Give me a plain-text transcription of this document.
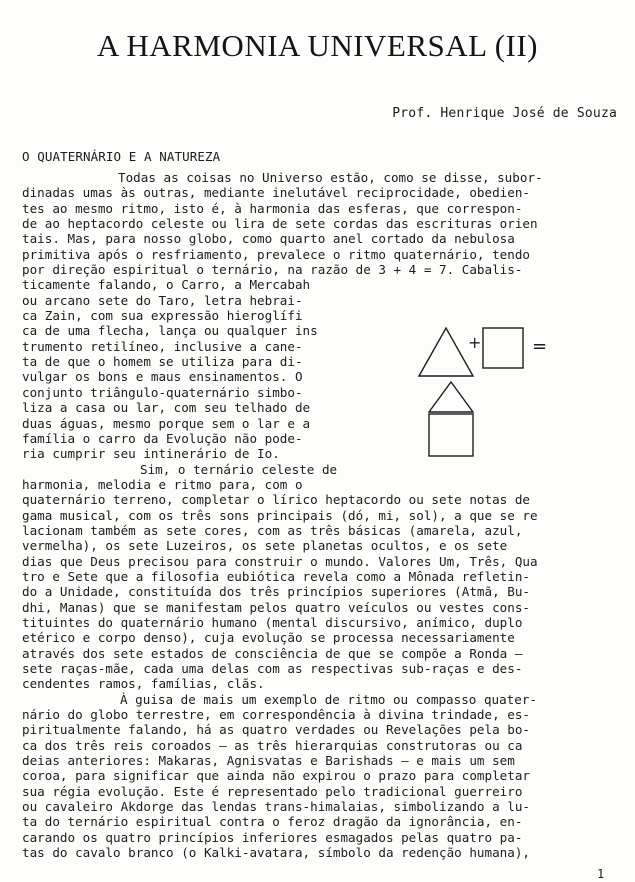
A HARMONIA UNIVERSAL (II)
Prof. Henrique José de Souza
O QUATERNÁRIO E A NATUREZA
Todas as coisas no Universo estão, como se disse, subor-
dinadas umas às outras, mediante inelutável reciprocidade, obedien-
tes ao mesmo ritmo, isto é, à harmonia das esferas, que correspon-
de ao heptacordo celeste ou lira de sete cordas das escrituras orien
tais. Mas, para nosso globo, como quarto anel cortado da nebulosa
primitiva após o resfriamento, prevalece o ritmo quaternário, tendo
por direção espiritual o ternário, na razão de 3 + 4 = 7. Cabalis-
ticamente falando, o Carro, a Mercabah
ou arcano sete do Taro, letra hebrai-
ca Zain, com sua expressão hieroglífi
ca de uma flecha, lança ou qualquer ins
trumento retilíneo, inclusive a cane-
ta de que o homem se utiliza para di-
vulgar os bons e maus ensinamentos. O
conjunto triângulo-quaternário simbo-
liza a casa ou lar, com seu telhado de
duas águas, mesmo porque sem o lar e a
família o carro da Evolução não pode-
ria cumprir seu intinerário de Io.
Sim, o ternário celeste de
harmonia, melodia e ritmo para, com o
quaternário terreno, completar o lírico heptacordo ou sete notas de
gama musical, com os três sons principais (dó, mi, sol), a que se re
lacionam também as sete cores, com as três básicas (amarela, azul,
vermelha), os sete Luzeiros, os sete planetas ocultos, e os sete
dias que Deus precisou para construir o mundo. Valores Um, Três, Qua
tro e Sete que a filosofia eubiótica revela como a Mônada refletin-
do a Unidade, constituída dos três princípios superiores (Atmã, Bu-
dhi, Manas) que se manifestam pelos quatro veículos ou vestes cons-
tituintes do quaternário humano (mental discursivo, anímico, duplo
etérico e corpo denso), cuja evolução se processa necessariamente
através dos sete estados de consciência de que se compõe a Ronda —
sete raças-mãe, cada uma delas com as respectivas sub-raças e des-
cendentes ramos, famílias, clãs.
À guisa de mais um exemplo de ritmo ou compasso quater-
nário do globo terrestre, em correspondência à divina trindade, es-
piritualmente falando, há as quatro verdades ou Revelações pela bo-
ca dos três reis coroados — as três hierarquias construtoras ou ca
deias anteriores: Makaras, Agnisvatas e Barishads — e mais um sem
coroa, para significar que ainda não expirou o prazo para completar
sua régia evolução. Este é representado pelo tradicional guerreiro
ou cavaleiro Akdorge das lendas trans-himalaias, simbolizando a lu-
ta do ternário espiritual contra o feroz dragão da ignorância, en-
carando os quatro princípios inferiores esmagados pelas quatro pa-
tas do cavalo branco (o Kalki-avatara, símbolo da redenção humana),
+	=
1
